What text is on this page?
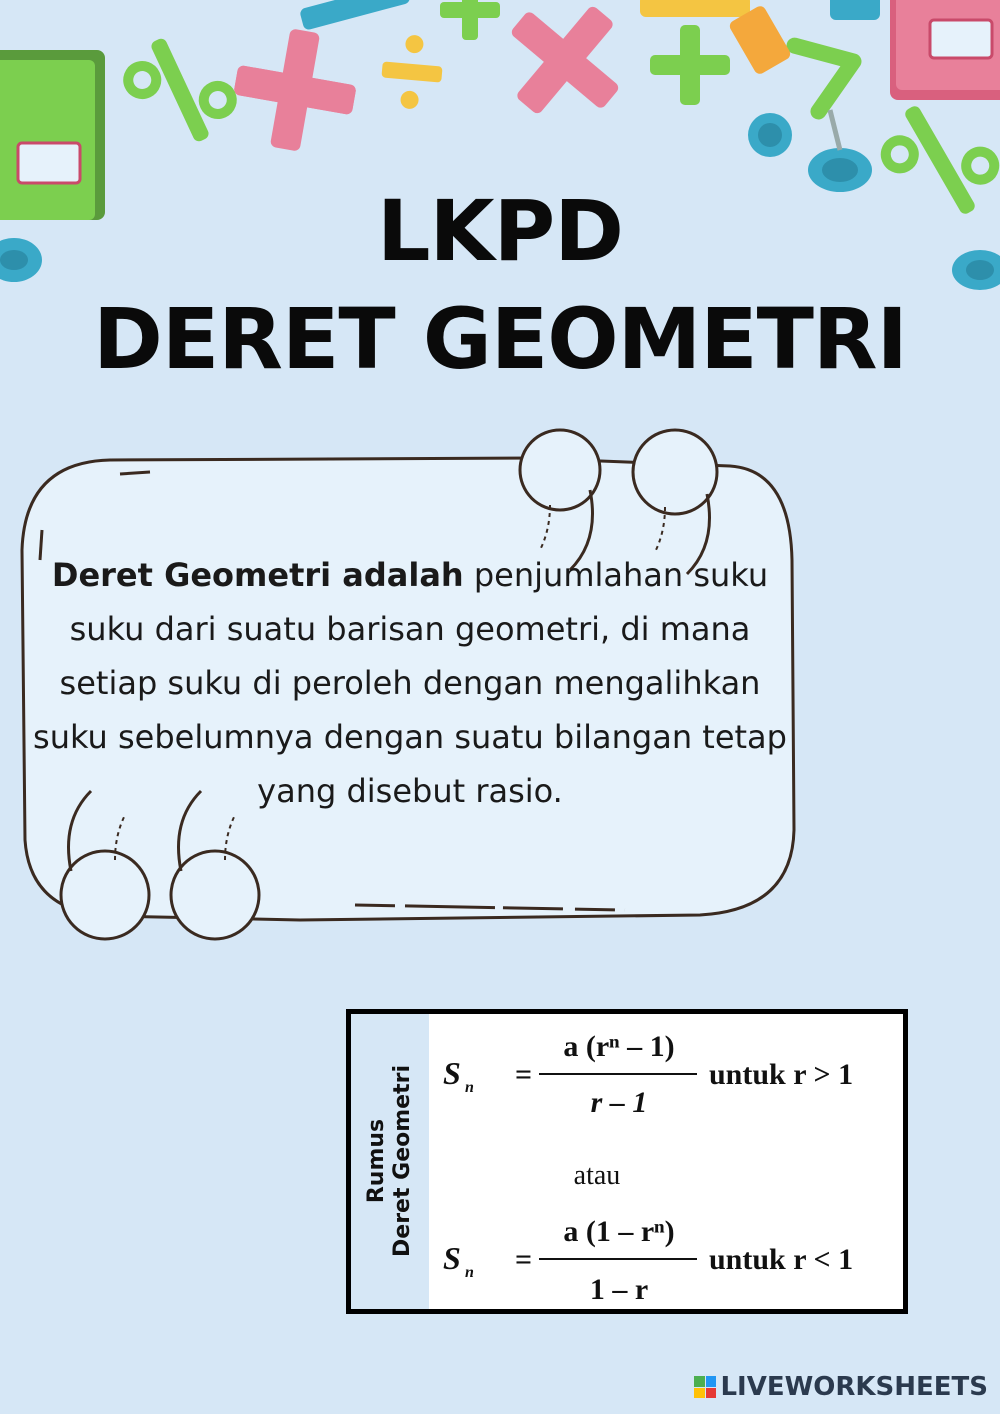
LKPD
DERET GEOMETRI
Deret Geometri adalah penjumlahan suku suku dari suatu barisan geometri, di mana setiap suku di peroleh dengan mengalihkan suku sebelumnya dengan suatu bilangan tetap yang disebut rasio.
Rumus Deret Geometri S n =
a (rⁿ – 1)
r – 1
untuk r > 1
atau
S n =
a (1 – rⁿ)
1 – r
untuk r < 1
LIVEWORKSHEETS
